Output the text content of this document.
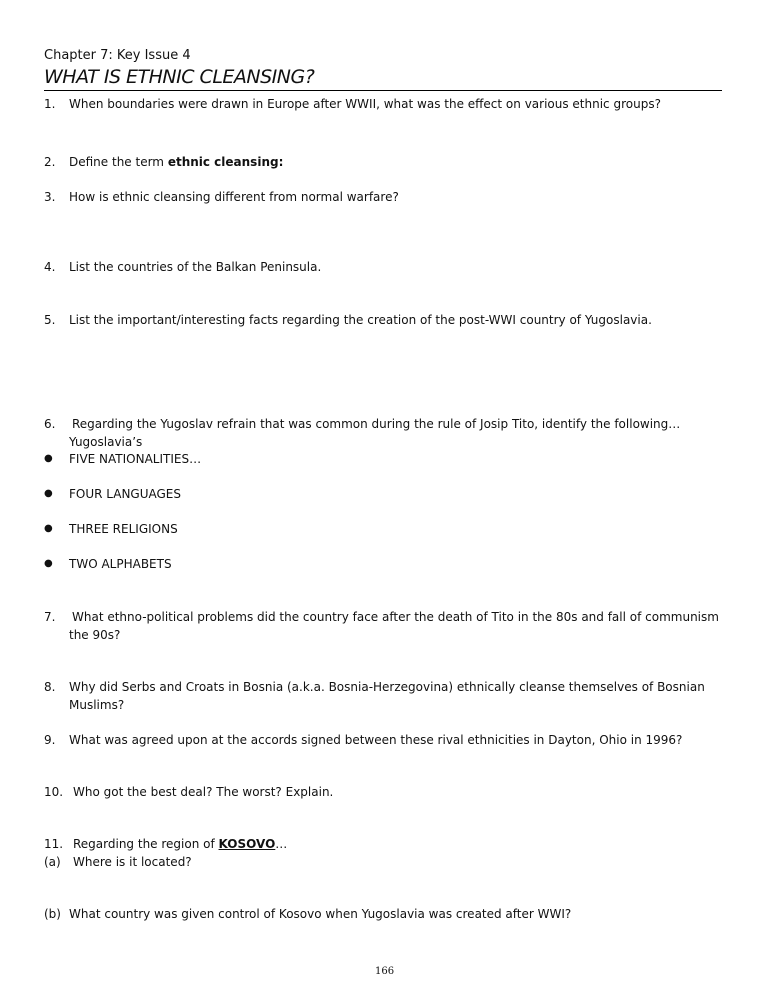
Chapter 7: Key Issue 4
WHAT IS ETHNIC CLEANSING?
1. When boundaries were drawn in Europe after WWII, what was the effect on various ethnic groups?
2. Define the term ethnic cleansing:
3. How is ethnic cleansing different from normal warfare?
4. List the countries of the Balkan Peninsula.
5. List the important/interesting facts regarding the creation of the post-WWI country of Yugoslavia.
6. Regarding the Yugoslav refrain that was common during the rule of Josip Tito, identify the following…
Yugoslavia’s
● FIVE NATIONALITIES…
● FOUR LANGUAGES
● THREE RELIGIONS
● TWO ALPHABETS
7. What ethno-political problems did the country face after the death of Tito in the 80s and fall of communism
the 90s?
8. Why did Serbs and Croats in Bosnia (a.k.a. Bosnia-Herzegovina) ethnically cleanse themselves of Bosnian
Muslims?
9. What was agreed upon at the accords signed between these rival ethnicities in Dayton, Ohio in 1996?
10. Who got the best deal? The worst? Explain.
11. Regarding the region of KOSOVO…
(a) Where is it located?
(b) What country was given control of Kosovo when Yugoslavia was created after WWI?
166
